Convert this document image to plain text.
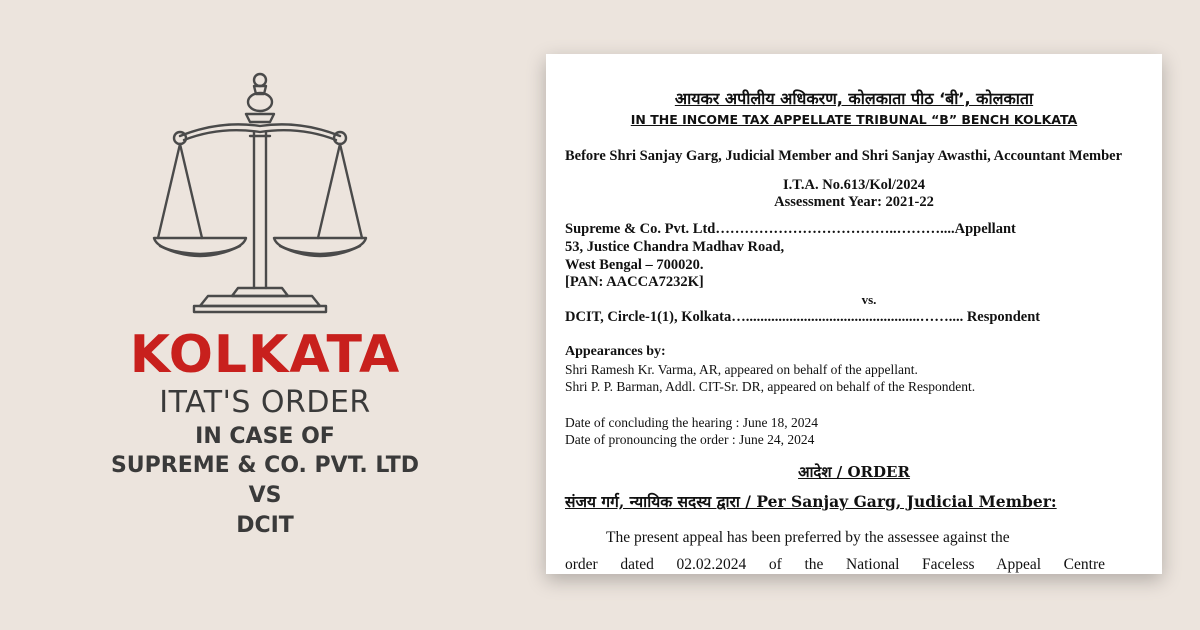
KOLKATA
ITAT'S ORDER
IN CASE OF
SUPREME & CO. PVT. LTD
VS
DCIT
आयकर अपीलीय अधिकरण, कोलकाता पीठ ‘बी’, कोलकाता
IN THE INCOME TAX APPELLATE TRIBUNAL “B” BENCH KOLKATA
Before Shri Sanjay Garg, Judicial Member and Shri Sanjay Awasthi, Accountant Member
I.T.A. No.613/Kol/2024
Assessment Year: 2021-22
Supreme & Co. Pvt. Ltd………………………………..………....Appellant
53, Justice Chandra Madhav Road,
West Bengal – 700020.
[PAN: AACCA7232K]
vs.
DCIT, Circle-1(1), Kolkata…................................................…….... Respondent
Appearances by:
Shri Ramesh Kr. Varma, AR, appeared on behalf of the appellant.
Shri P. P. Barman, Addl. CIT-Sr. DR, appeared on behalf of the Respondent.
Date of concluding the hearing : June 18, 2024
Date of pronouncing the order : June 24, 2024
आदेश / ORDER
संजय गर्ग, न्यायिक सदस्य द्वारा / Per Sanjay Garg, Judicial Member:
The present appeal has been preferred by the assessee against the
order dated 02.02.2024 of the National Faceless Appeal Centre
